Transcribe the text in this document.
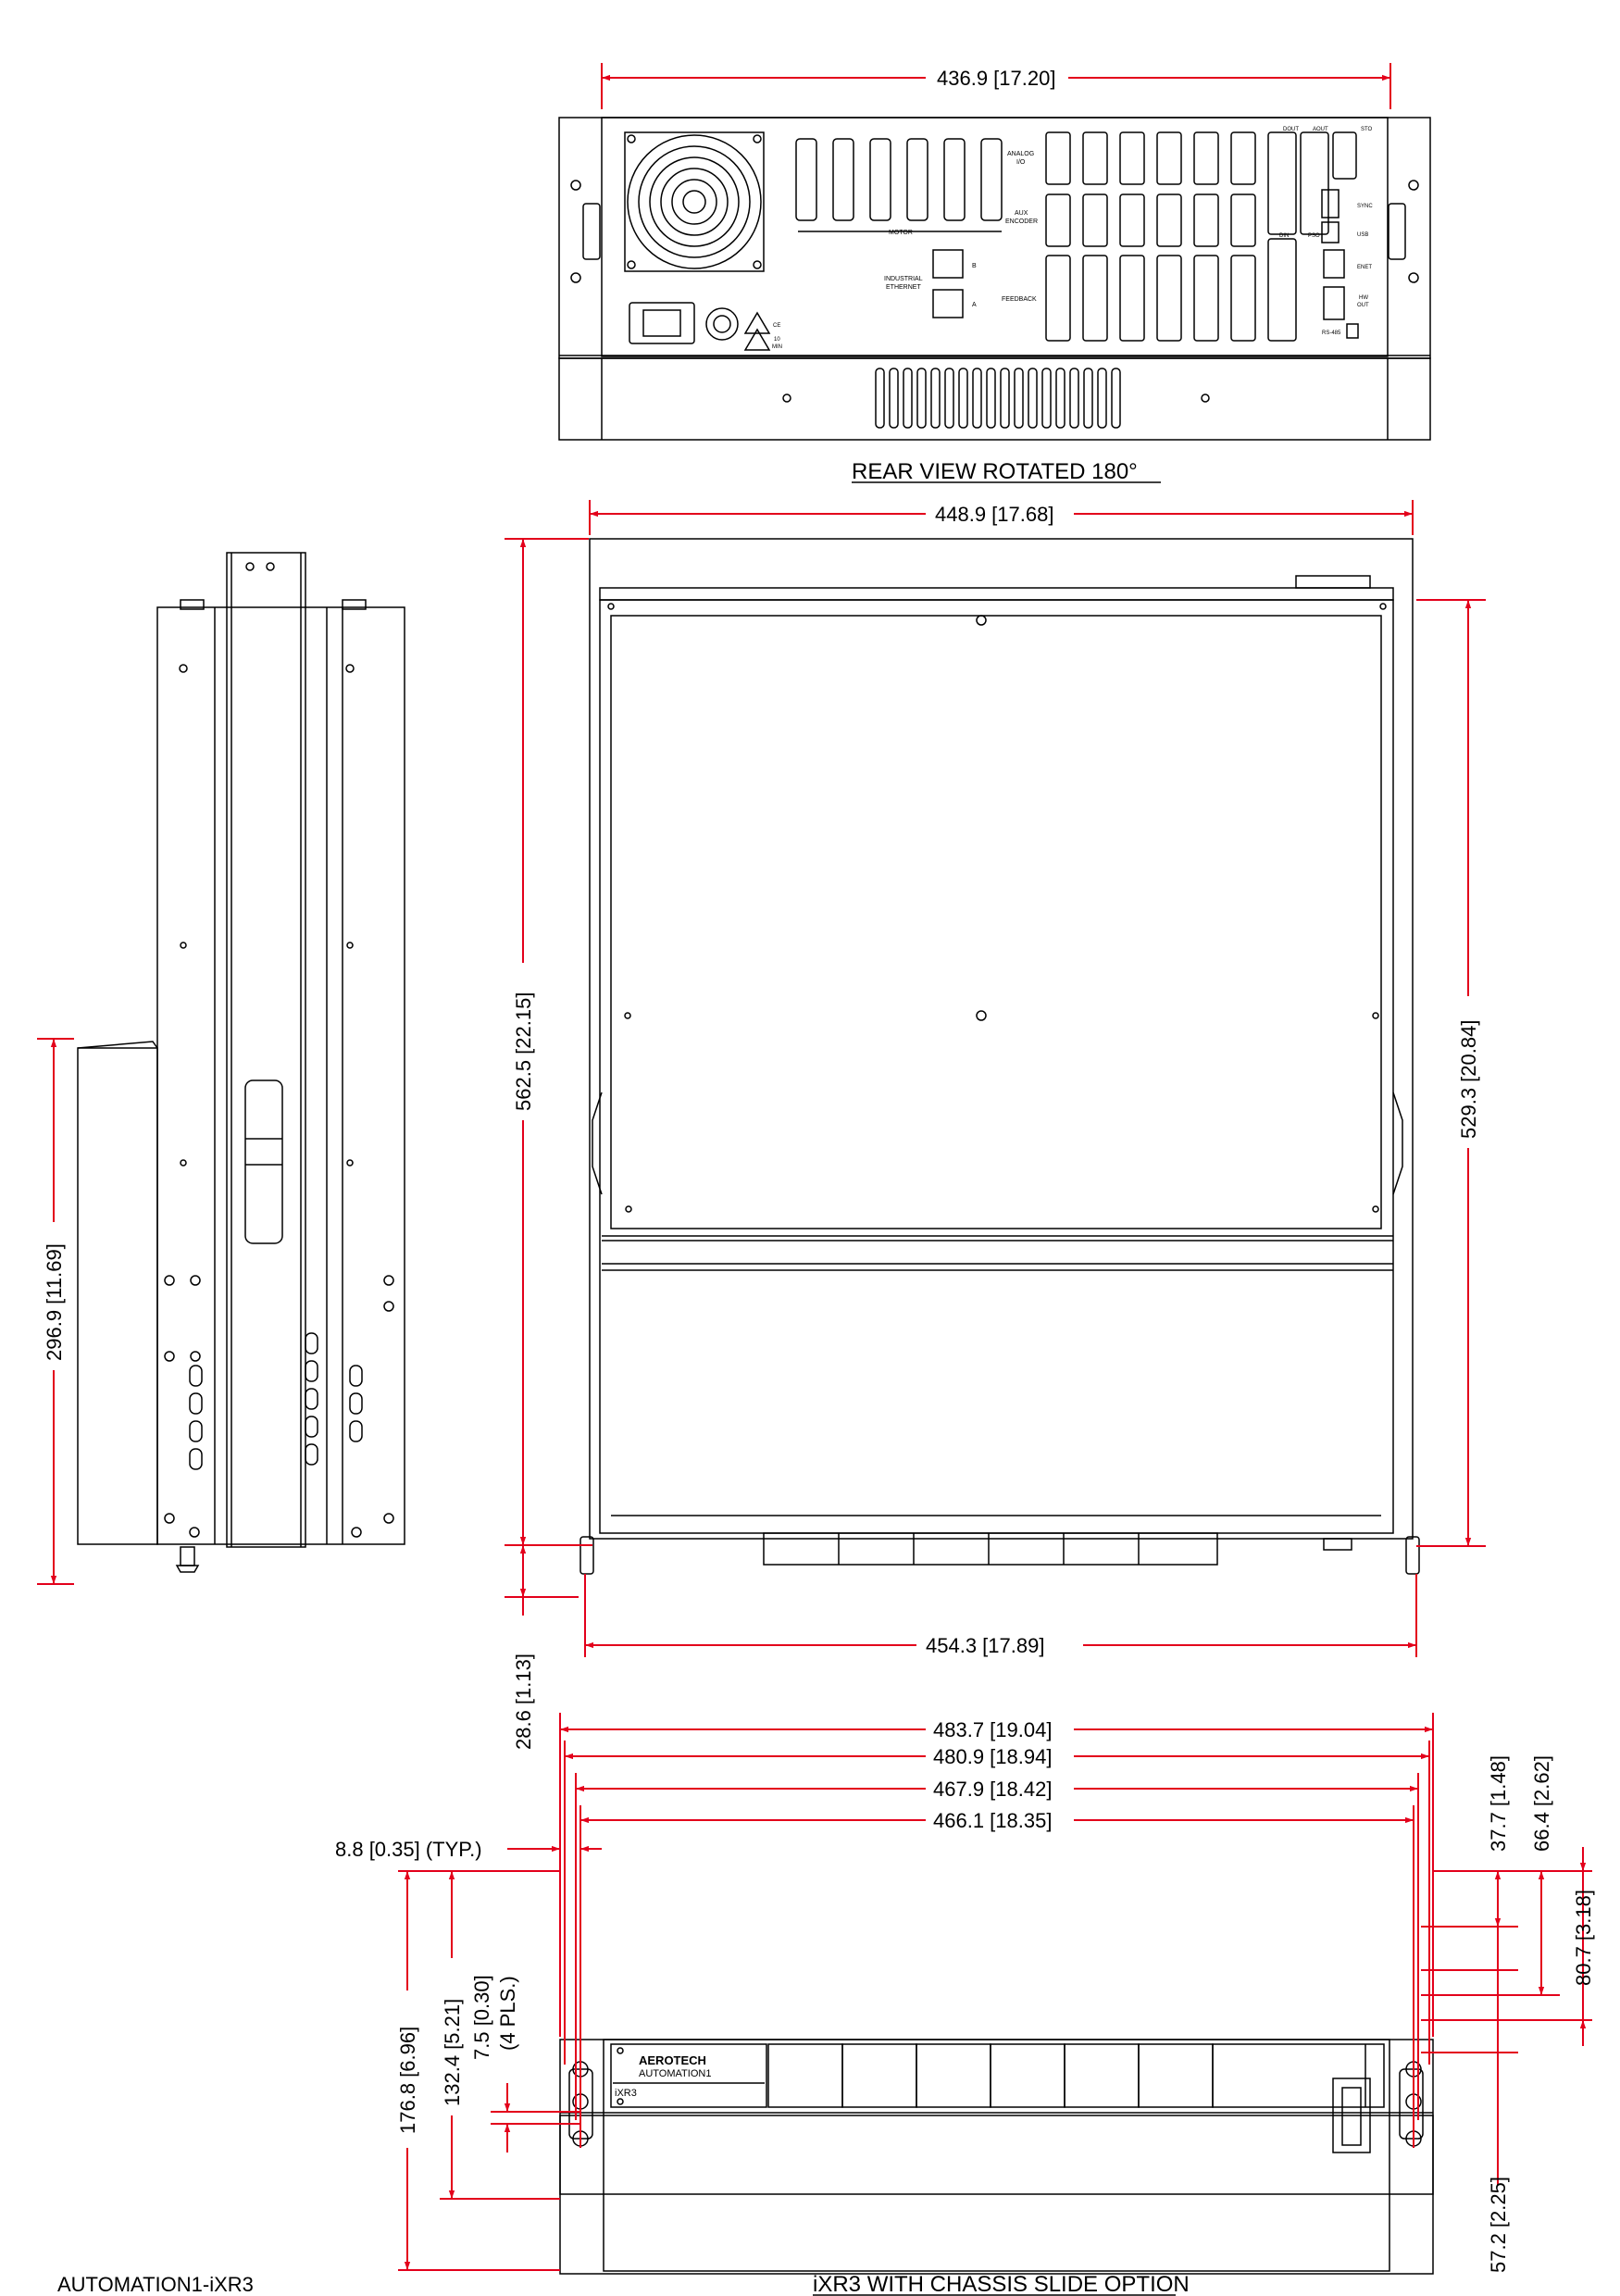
MOTOR
ANALOG
I/O
AUX
ENCODER
FEEDBACK
INDUSTRIAL
ETHERNET
B
A
DOUT	AOUT	STO
SYNC
USB
DIN	PSO
ENET
HW
OUT
RS-485
CE
10
MIN
REAR VIEW ROTATED 180°
AEROTECH
AUTOMATION1
iXR3
iXR3 WITH CHASSIS SLIDE OPTION
436.9 [17.20]
448.9 [17.68]
454.3 [17.89]
562.5 [22.15]	529.3 [20.84]
296.9 [11.69]
28.6 [1.13]	483.7 [19.04]
480.9 [18.94]
467.9 [18.42]
466.1 [18.35]
8.8 [0.35] (TYP.)
176.8 [6.96] 132.4 [5.21] 7.5 [0.30] (4 PLS.)
37.7 [1.48] 66.4 [2.62]
80.7 [3.18]
57.2 [2.25]
AUTOMATION1-iXR3
